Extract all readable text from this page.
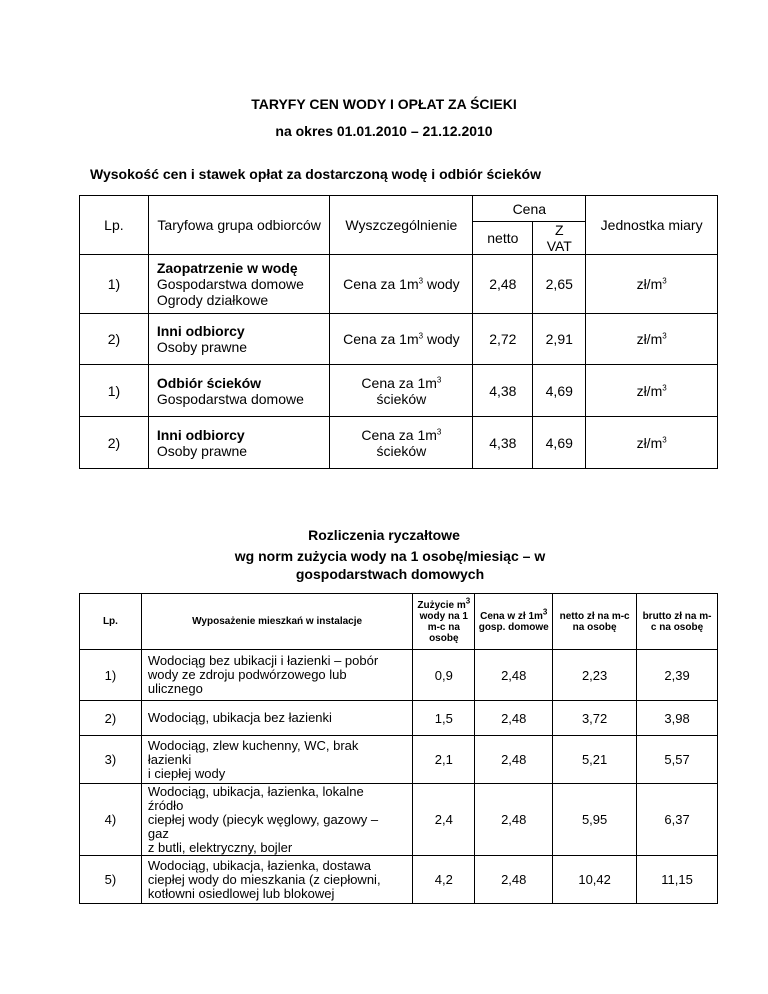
TARYFY CEN WODY I OPŁAT ZA ŚCIEKI
na okres 01.01.2010 – 21.12.2010
Wysokość cen i stawek opłat za dostarczoną wodę i odbiór ścieków
Lp.	Taryfowa grupa odbiorców	Wyszczególnienie	Cena		Jednostka miary
			netto	Z VAT	
1)	Zaopatrzenie w wodę
Gospodarstwa domowe
Ogrody działkowe	Cena za $1m^3$ wody	2,48	2,65	$zł/m^3$
2)	Inni odbiorcy
Osoby prawne	Cena za $1m^3$ wody	2,72	2,91	$zł/m^3$
1)	Odbiór ścieków
Gospodarstwa domowe	Cena za $1m^3$ ścieków	4,38	4,69	$zł/m^3$
2)	Inni odbiorcy
Osoby prawne	Cena za $1m^3$ ścieków	4,38	4,69	$zł/m^3$
Rozliczenia ryczałtowe
wg norm zużycia wody na 1 osobę/miesiąc – w gospodarstwach domowych
Lp.	Wyposażenie mieszkań w instalacje	Zużycie $m^3$ wody na 1 m-c na osobę	Cena w zł $1m^3$ gosp. domowe	netto zł na m-c na osobę	brutto zł na m-c na osobę
1)	Wodociąg bez ubikacji i łazienki – pobór
wody ze zdroju podwórzowego lub
ulicznego	0,9	2,48	2,23	2,39
2)	Wodociąg, ubikacja bez łazienki	1,5	2,48	3,72	3,98
3)	Wodociąg, zlew kuchenny, WC, brak
łazienki
i ciepłej wody	2,1	2,48	5,21	5,57
4)	Wodociąg, ubikacja, łazienka, lokalne
źródło
ciepłej wody (piecyk węglowy, gazowy –
gaz
z butli, elektryczny, bojler	2,4	2,48	5,95	6,37
5)	Wodociąg, ubikacja, łazienka, dostawa
ciepłej wody do mieszkania (z ciepłowni,
kotłowni osiedlowej lub blokowej	4,2	2,48	10,42	11,15
